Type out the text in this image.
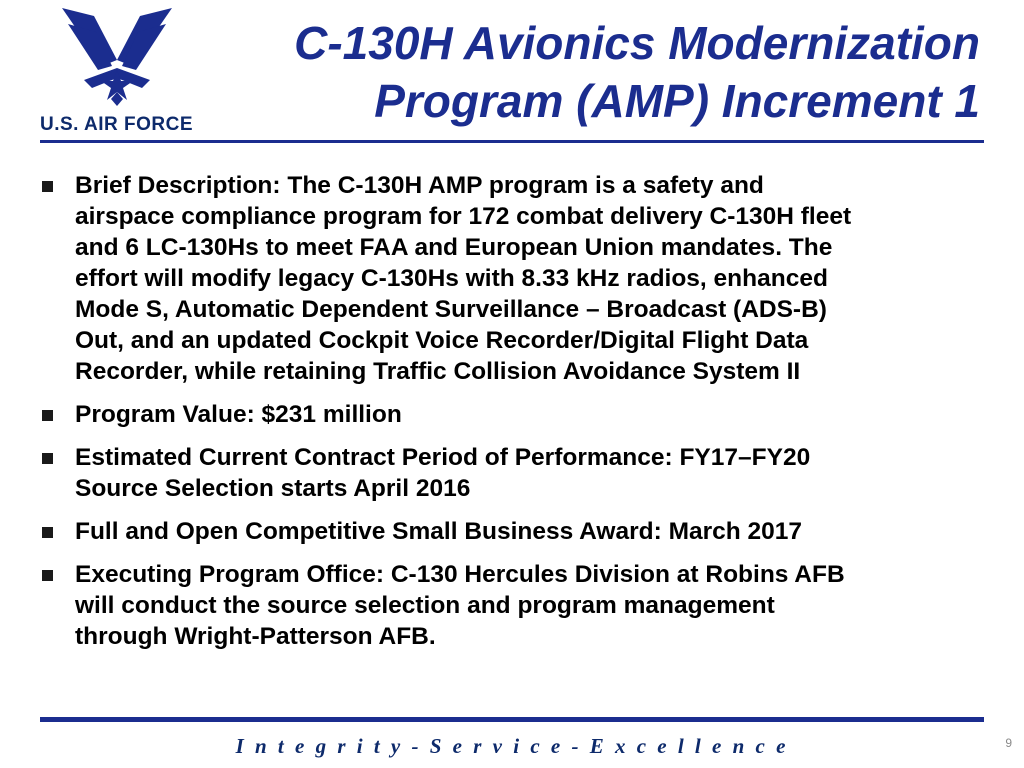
U.S. AIR FORCE
C-130H Avionics Modernization
Program (AMP) Increment 1
Brief Description: The C-130H AMP program is a safety and
airspace compliance program for 172 combat delivery C-130H fleet
and 6 LC-130Hs to meet FAA and European Union mandates. The
effort will modify legacy C-130Hs with 8.33 kHz radios, enhanced
Mode S, Automatic Dependent Surveillance – Broadcast (ADS-B)
Out, and an updated Cockpit Voice Recorder/Digital Flight Data
Recorder, while retaining Traffic Collision Avoidance System II
Program Value: $231 million
Estimated Current Contract Period of Performance: FY17–FY20
Source Selection starts April 2016
Full and Open Competitive Small Business Award: March 2017
Executing Program Office: C-130 Hercules Division at Robins AFB
will conduct the source selection and program management
through Wright-Patterson AFB.
I n t e g r i t y - S e r v i c e - E x c e l l e n c e	9
